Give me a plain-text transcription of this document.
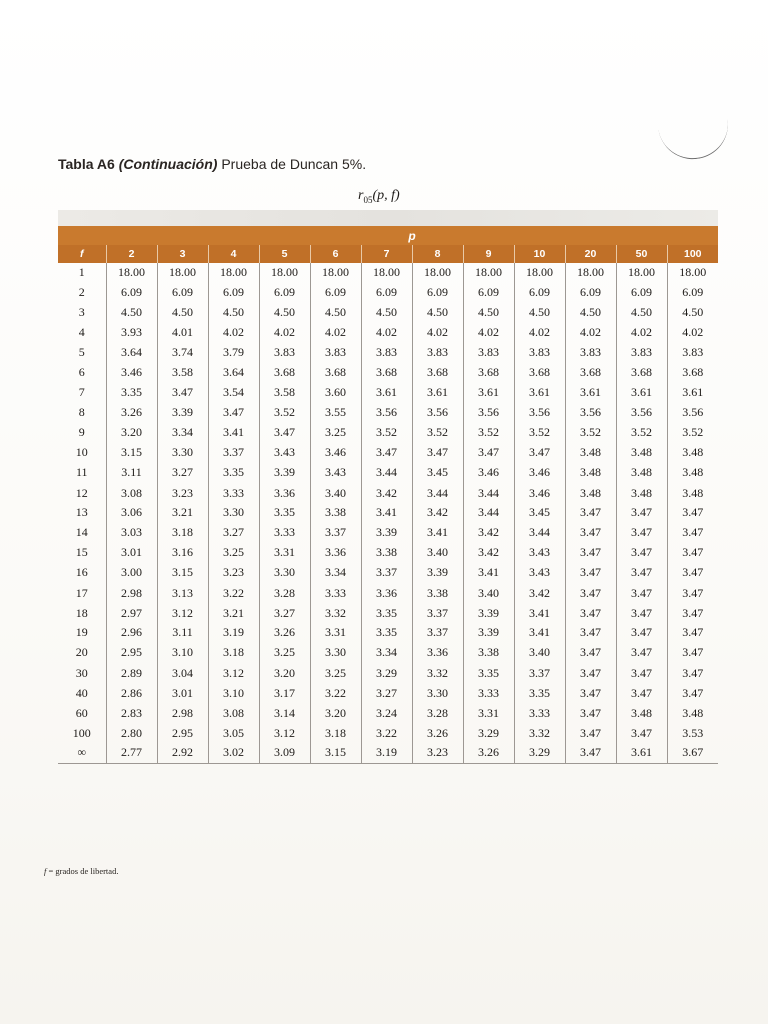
Tabla A6 (Continuación) Prueba de Duncan 5%.
$r_{05}(p$, f)
	p											
f	2	3	4	5	6	7	8	9	10	20	50	100
1	18.00	18.00	18.00	18.00	18.00	18.00	18.00	18.00	18.00	18.00	18.00	18.00
2	6.09	6.09	6.09	6.09	6.09	6.09	6.09	6.09	6.09	6.09	6.09	6.09
3	4.50	4.50	4.50	4.50	4.50	4.50	4.50	4.50	4.50	4.50	4.50	4.50
4	3.93	4.01	4.02	4.02	4.02	4.02	4.02	4.02	4.02	4.02	4.02	4.02
5	3.64	3.74	3.79	3.83	3.83	3.83	3.83	3.83	3.83	3.83	3.83	3.83
6	3.46	3.58	3.64	3.68	3.68	3.68	3.68	3.68	3.68	3.68	3.68	3.68
7	3.35	3.47	3.54	3.58	3.60	3.61	3.61	3.61	3.61	3.61	3.61	3.61
8	3.26	3.39	3.47	3.52	3.55	3.56	3.56	3.56	3.56	3.56	3.56	3.56
9	3.20	3.34	3.41	3.47	3.25	3.52	3.52	3.52	3.52	3.52	3.52	3.52
10	3.15	3.30	3.37	3.43	3.46	3.47	3.47	3.47	3.47	3.48	3.48	3.48
11	3.11	3.27	3.35	3.39	3.43	3.44	3.45	3.46	3.46	3.48	3.48	3.48
12	3.08	3.23	3.33	3.36	3.40	3.42	3.44	3.44	3.46	3.48	3.48	3.48
13	3.06	3.21	3.30	3.35	3.38	3.41	3.42	3.44	3.45	3.47	3.47	3.47
14	3.03	3.18	3.27	3.33	3.37	3.39	3.41	3.42	3.44	3.47	3.47	3.47
15	3.01	3.16	3.25	3.31	3.36	3.38	3.40	3.42	3.43	3.47	3.47	3.47
16	3.00	3.15	3.23	3.30	3.34	3.37	3.39	3.41	3.43	3.47	3.47	3.47
17	2.98	3.13	3.22	3.28	3.33	3.36	3.38	3.40	3.42	3.47	3.47	3.47
18	2.97	3.12	3.21	3.27	3.32	3.35	3.37	3.39	3.41	3.47	3.47	3.47
19	2.96	3.11	3.19	3.26	3.31	3.35	3.37	3.39	3.41	3.47	3.47	3.47
20	2.95	3.10	3.18	3.25	3.30	3.34	3.36	3.38	3.40	3.47	3.47	3.47
30	2.89	3.04	3.12	3.20	3.25	3.29	3.32	3.35	3.37	3.47	3.47	3.47
40	2.86	3.01	3.10	3.17	3.22	3.27	3.30	3.33	3.35	3.47	3.47	3.47
60	2.83	2.98	3.08	3.14	3.20	3.24	3.28	3.31	3.33	3.47	3.48	3.48
100	2.80	2.95	3.05	3.12	3.18	3.22	3.26	3.29	3.32	3.47	3.47	3.53
∞	2.77	2.92	3.02	3.09	3.15	3.19	3.23	3.26	3.29	3.47	3.61	3.67
f = grados de libertad.
